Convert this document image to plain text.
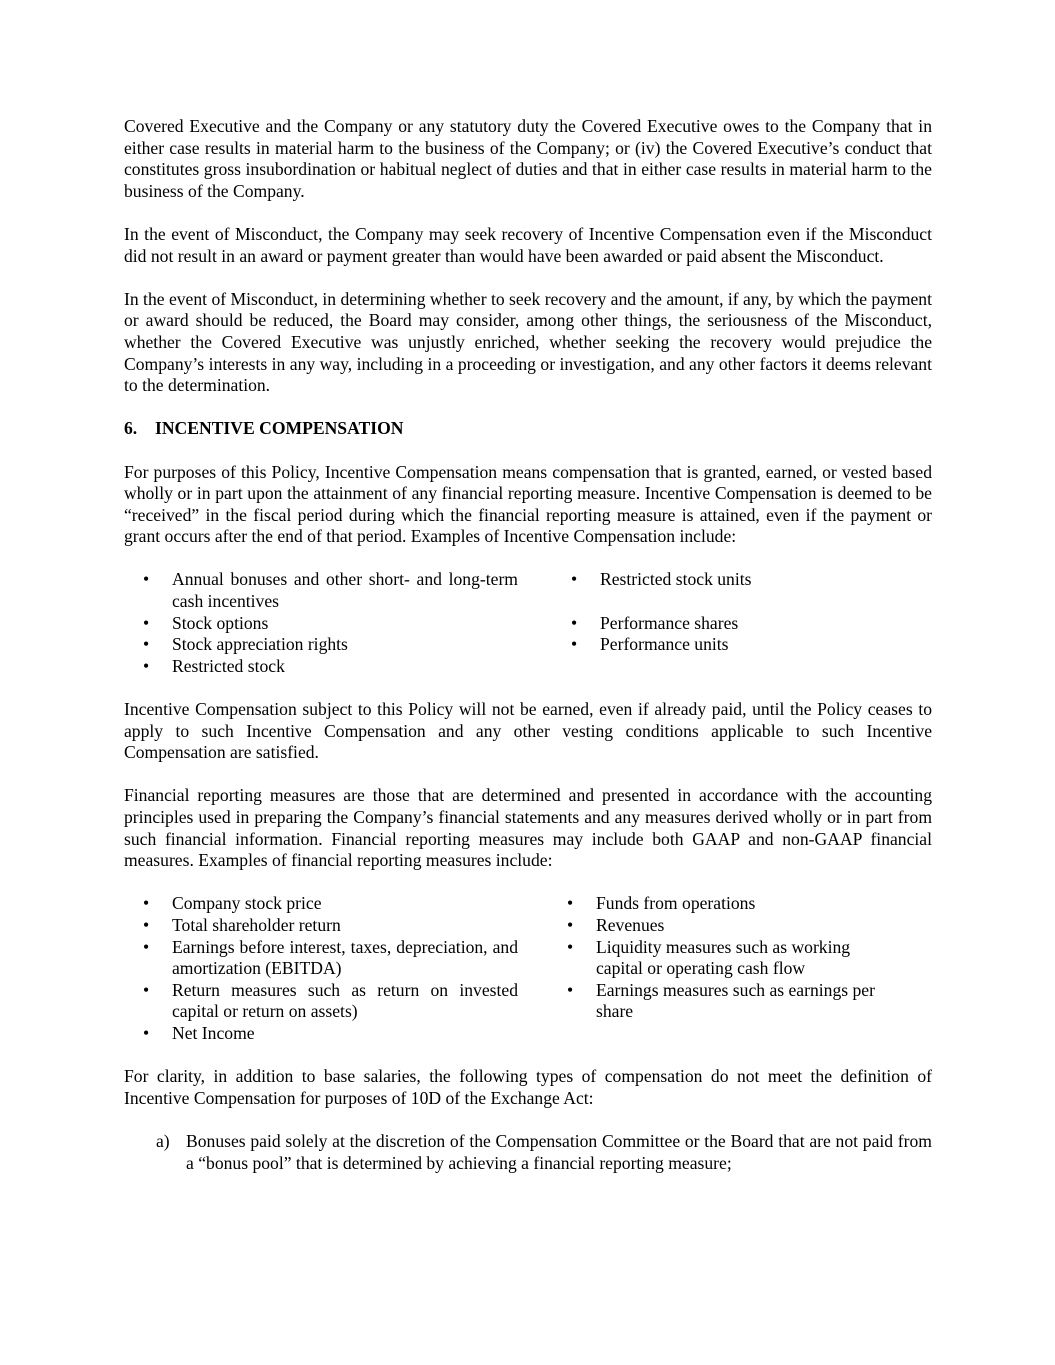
Covered Executive and the Company or any statutory duty the Covered Executive owes to the Company that in either case results in material harm to the business of the Company; or (iv) the Covered Executive’s conduct that constitutes gross insubordination or habitual neglect of duties and that in either case results in material harm to the business of the Company.

In the event of Misconduct, the Company may seek recovery of Incentive Compensation even if the Misconduct did not result in an award or payment greater than would have been awarded or paid absent the Misconduct.

In the event of Misconduct, in determining whether to seek recovery and the amount, if any, by which the payment or award should be reduced, the Board may consider, among other things, the seriousness of the Misconduct, whether the Covered Executive was unjustly enriched, whether seeking the recovery would prejudice the Company’s interests in any way, including in a proceeding or investigation, and any other factors it deems relevant to the determination.

6. INCENTIVE COMPENSATION

For purposes of this Policy, Incentive Compensation means compensation that is granted, earned, or vested based wholly or in part upon the attainment of any financial reporting measure. Incentive Compensation is deemed to be “received” in the fiscal period during which the financial reporting measure is attained, even if the payment or grant occurs after the end of that period. Examples of Incentive Compensation include:

• Annual bonuses and other short- and long-term cash incentives
• Stock options
• Stock appreciation rights
• Restricted stock
• Restricted stock units
• Performance shares
• Performance units

Incentive Compensation subject to this Policy will not be earned, even if already paid, until the Policy ceases to apply to such Incentive Compensation and any other vesting conditions applicable to such Incentive Compensation are satisfied.

Financial reporting measures are those that are determined and presented in accordance with the accounting principles used in preparing the Company’s financial statements and any measures derived wholly or in part from such financial information. Financial reporting measures may include both GAAP and non-GAAP financial measures. Examples of financial reporting measures include:

• Company stock price
• Total shareholder return
• Earnings before interest, taxes, depreciation, and amortization (EBITDA)
• Return measures such as return on invested capital or return on assets)
• Net Income
• Funds from operations
• Revenues
• Liquidity measures such as working capital or operating cash flow
• Earnings measures such as earnings per share

For clarity, in addition to base salaries, the following types of compensation do not meet the definition of Incentive Compensation for purposes of 10D of the Exchange Act:

a) Bonuses paid solely at the discretion of the Compensation Committee or the Board that are not paid from a “bonus pool” that is determined by achieving a financial reporting measure;
